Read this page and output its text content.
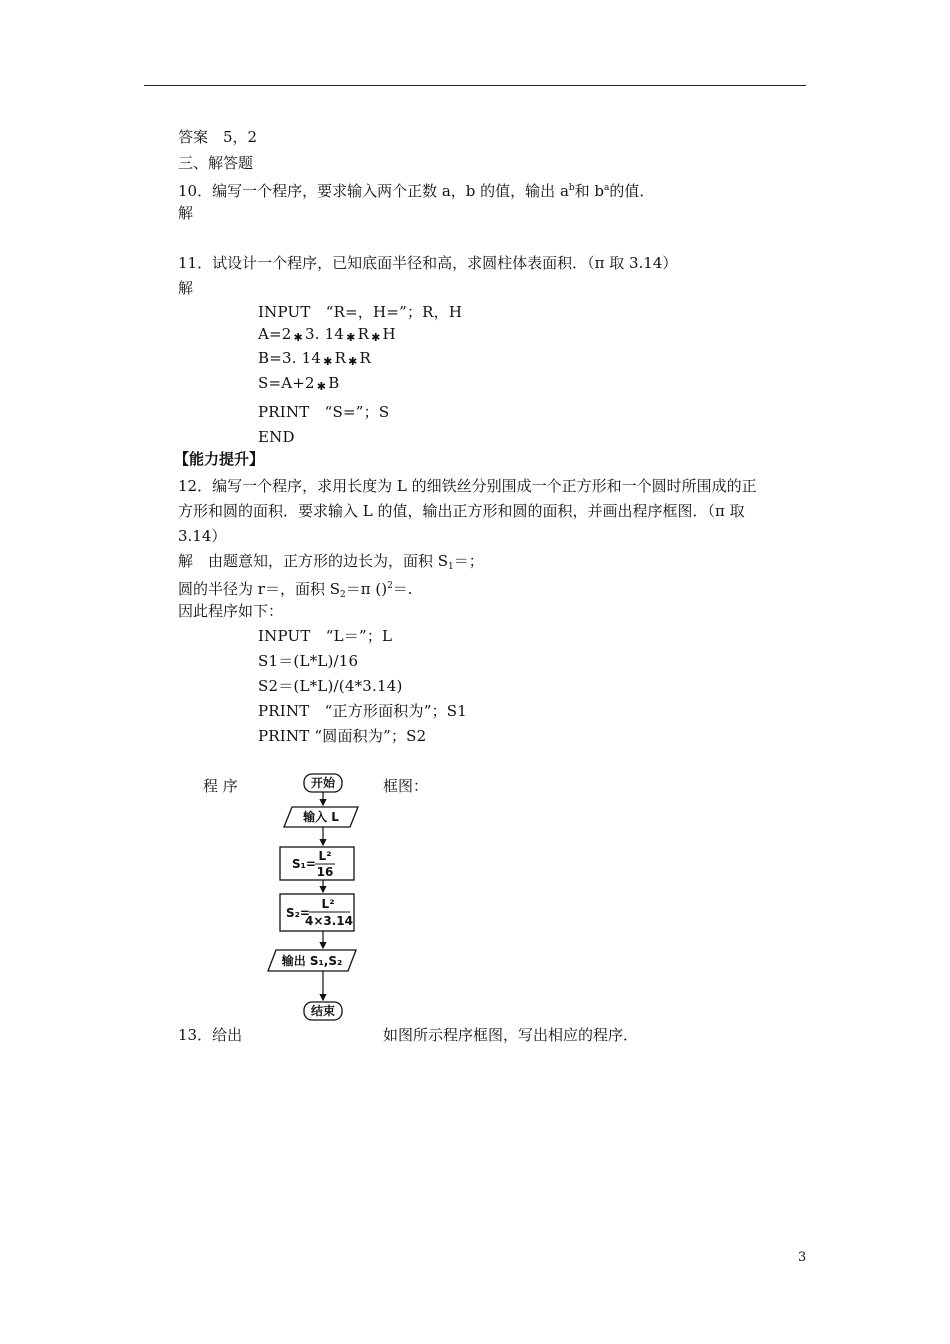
答案　5，2
三、解答题
10．编写一个程序，要求输入两个正数 a，b 的值，输出 $a^b$和 $b^a$的值．
解
11．试设计一个程序，已知底面半径和高，求圆柱体表面积．（π 取 3.14）
解
INPUT　“R=，H=”；R，H
A=2 ✱ 3. 14 ✱ R ✱ H
B=3. 14 ✱ R ✱ R
S=A+2 ✱ B
PRINT　“S=”；S
END
【能力提升】
12．编写一个程序，求用长度为 L 的细铁丝分别围成一个正方形和一个圆时所围成的正
方形和圆的面积．要求输入 L 的值，输出正方形和圆的面积，并画出程序框图．（π 取
3.14）
解　由题意知，正方形的边长为，面积 $S_1=$；
圆的半径为 r＝，面积 $S_2=\pi$ ()$^2$＝.
因此程序如下：
INPUT　“L＝”；L
S1＝(L*L)/16
S2＝(L*L)/(4*3.14)
PRINT　“正方形面积为”；S1
PRINT “圆面积为”；S2
程 序	框图：
开始
输入 L
S₁=
L²
16
S₂=
L²
4×3.14
输出 S₁,S₂
结束
13．给出	如图所示程序框图，写出相应的程序．
3
